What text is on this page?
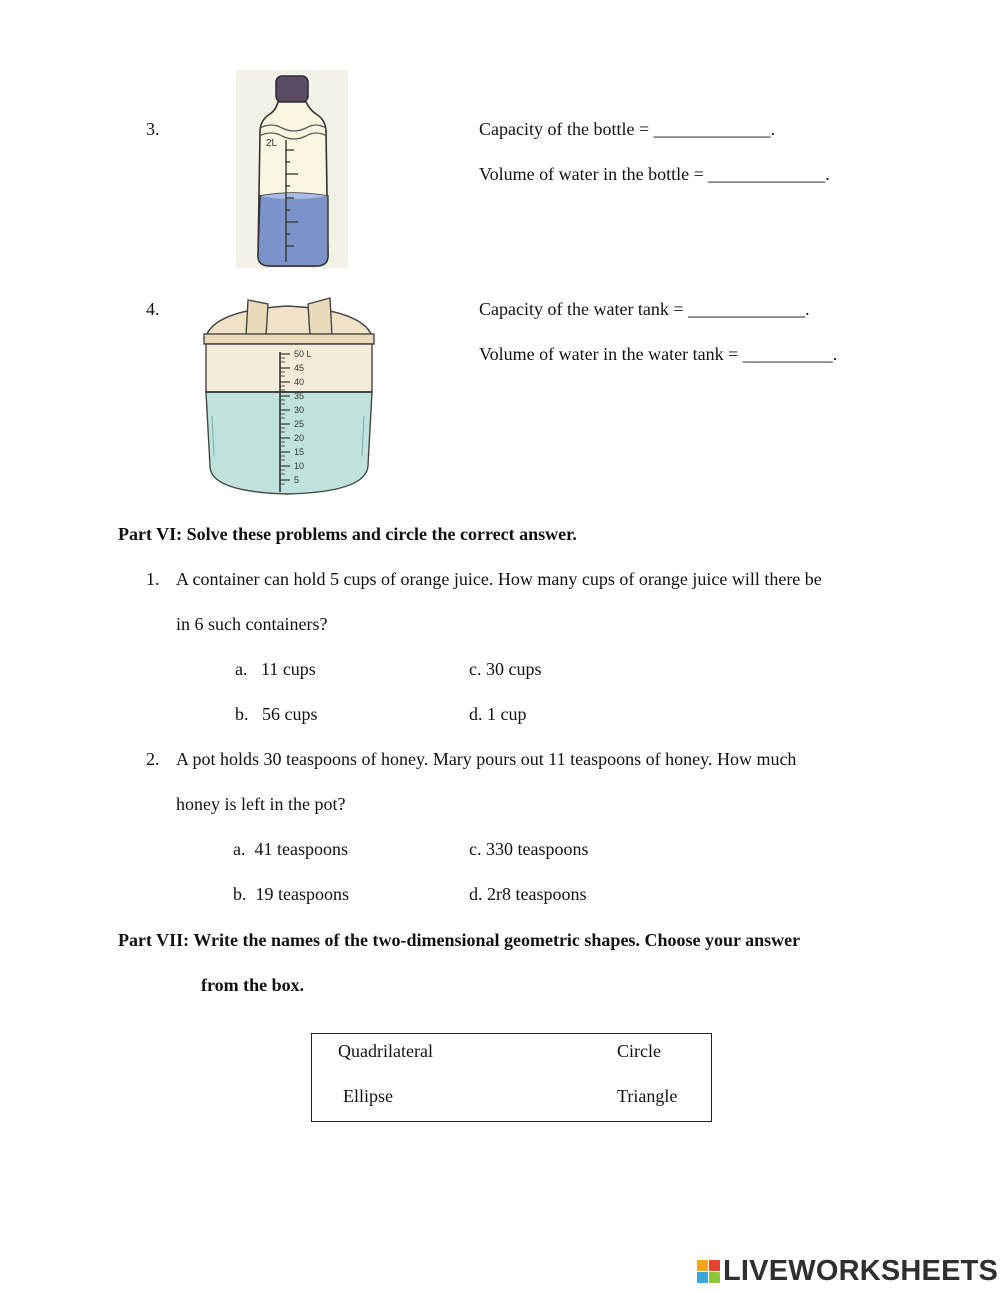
3.
2L
Capacity of the bottle = _____________.
Volume of water in the bottle = _____________.
4.
50 L
45
40
35
30
25
20
15
10
5
Capacity of the water tank = _____________.
Volume of water in the water tank = __________.
Part VI: Solve these problems and circle the correct answer.
1. A container can hold 5 cups of orange juice. How many cups of orange juice will there be
in 6 such containers?
a.   11 cups	c. 30 cups
b.   56 cups	d. 1 cup
2. A pot holds 30 teaspoons of honey. Mary pours out 11 teaspoons of honey. How much
honey is left in the pot?
a.  41 teaspoons	c. 330 teaspoons
b.  19 teaspoons	d. 2r8 teaspoons
Part VII: Write the names of the two-dimensional geometric shapes. Choose your answer
from the box.
Quadrilateral	Circle
Ellipse	Triangle
LIVEWORKSHEETS
